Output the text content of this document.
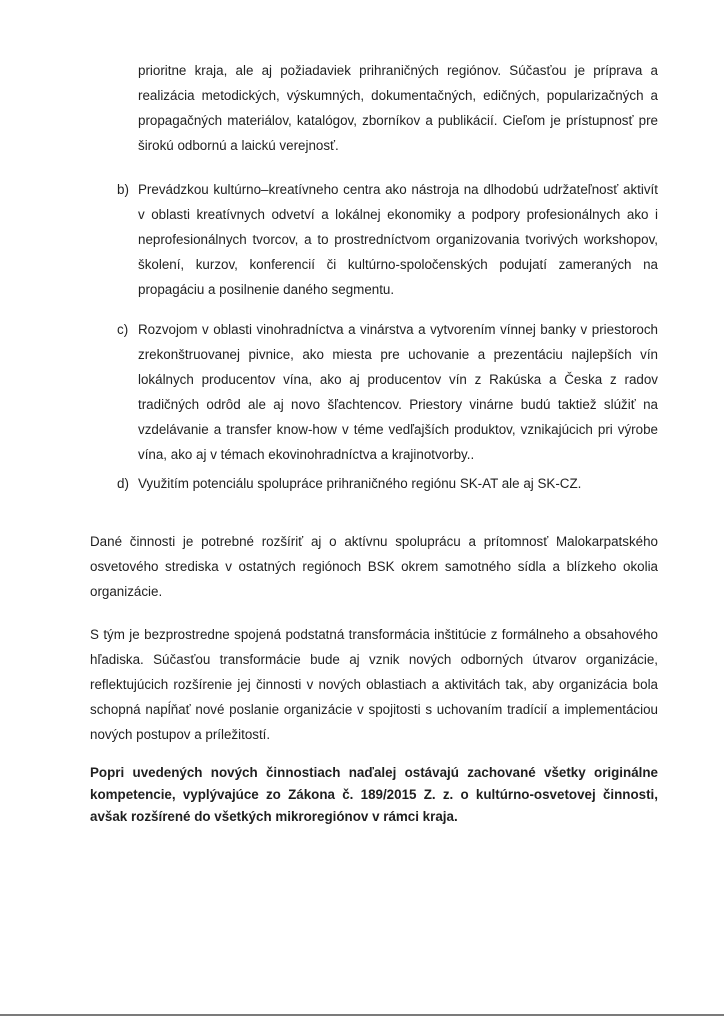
prioritne kraja, ale aj požiadaviek prihraničných regiónov. Súčasťou je príprava a realizácia metodických, výskumných, dokumentačných, edičných, popularizačných a propagačných materiálov, katalógov, zborníkov a publikácií. Cieľom je prístupnosť pre širokú odbornú a laickú verejnosť.

b) Prevádzkou kultúrno–kreatívneho centra ako nástroja na dlhodobú udržateľnosť aktivít v oblasti kreatívnych odvetví a lokálnej ekonomiky a podpory profesionálnych ako i neprofesionálnych tvorcov, a to prostredníctvom organizovania tvorivých workshopov, školení, kurzov, konferencií či kultúrno-spoločenských podujatí zameraných na propagáciu a posilnenie daného segmentu.

c) Rozvojom v oblasti vinohradníctva a vinárstva a vytvorením vínnej banky v priestoroch zrekonštruovanej pivnice, ako miesta pre uchovanie a prezentáciu najlepších vín lokálnych producentov vína, ako aj producentov vín z Rakúska a Česka z radov tradičných odrôd ale aj novo šľachtencov. Priestory vinárne budú taktiež slúžiť na vzdelávanie a transfer know-how v téme vedľajších produktov, vznikajúcich pri výrobe vína, ako aj v témach ekovinohradníctva a krajinotvorby..

d) Využitím potenciálu spolupráce prihraničného regiónu SK-AT ale aj SK-CZ.

Dané činnosti je potrebné rozšíriť aj o aktívnu spoluprácu a prítomnosť Malokarpatského osvetového strediska v ostatných regiónoch BSK okrem samotného sídla a blízkeho okolia organizácie.

S tým je bezprostredne spojená podstatná transformácia inštitúcie z formálneho a obsahového hľadiska. Súčasťou transformácie bude aj vznik nových odborných útvarov organizácie, reflektujúcich rozšírenie jej činnosti v nových oblastiach a aktivitách tak, aby organizácia bola schopná napĺňať nové poslanie organizácie v spojitosti s uchovaním tradícií a implementáciou nových postupov a príležitostí.

Popri uvedených nových činnostiach naďalej ostávajú zachované všetky originálne kompetencie, vyplývajúce zo Zákona č. 189/2015 Z. z. o kultúrno-osvetovej činnosti, avšak rozšírené do všetkých mikroregiónov v rámci kraja.
